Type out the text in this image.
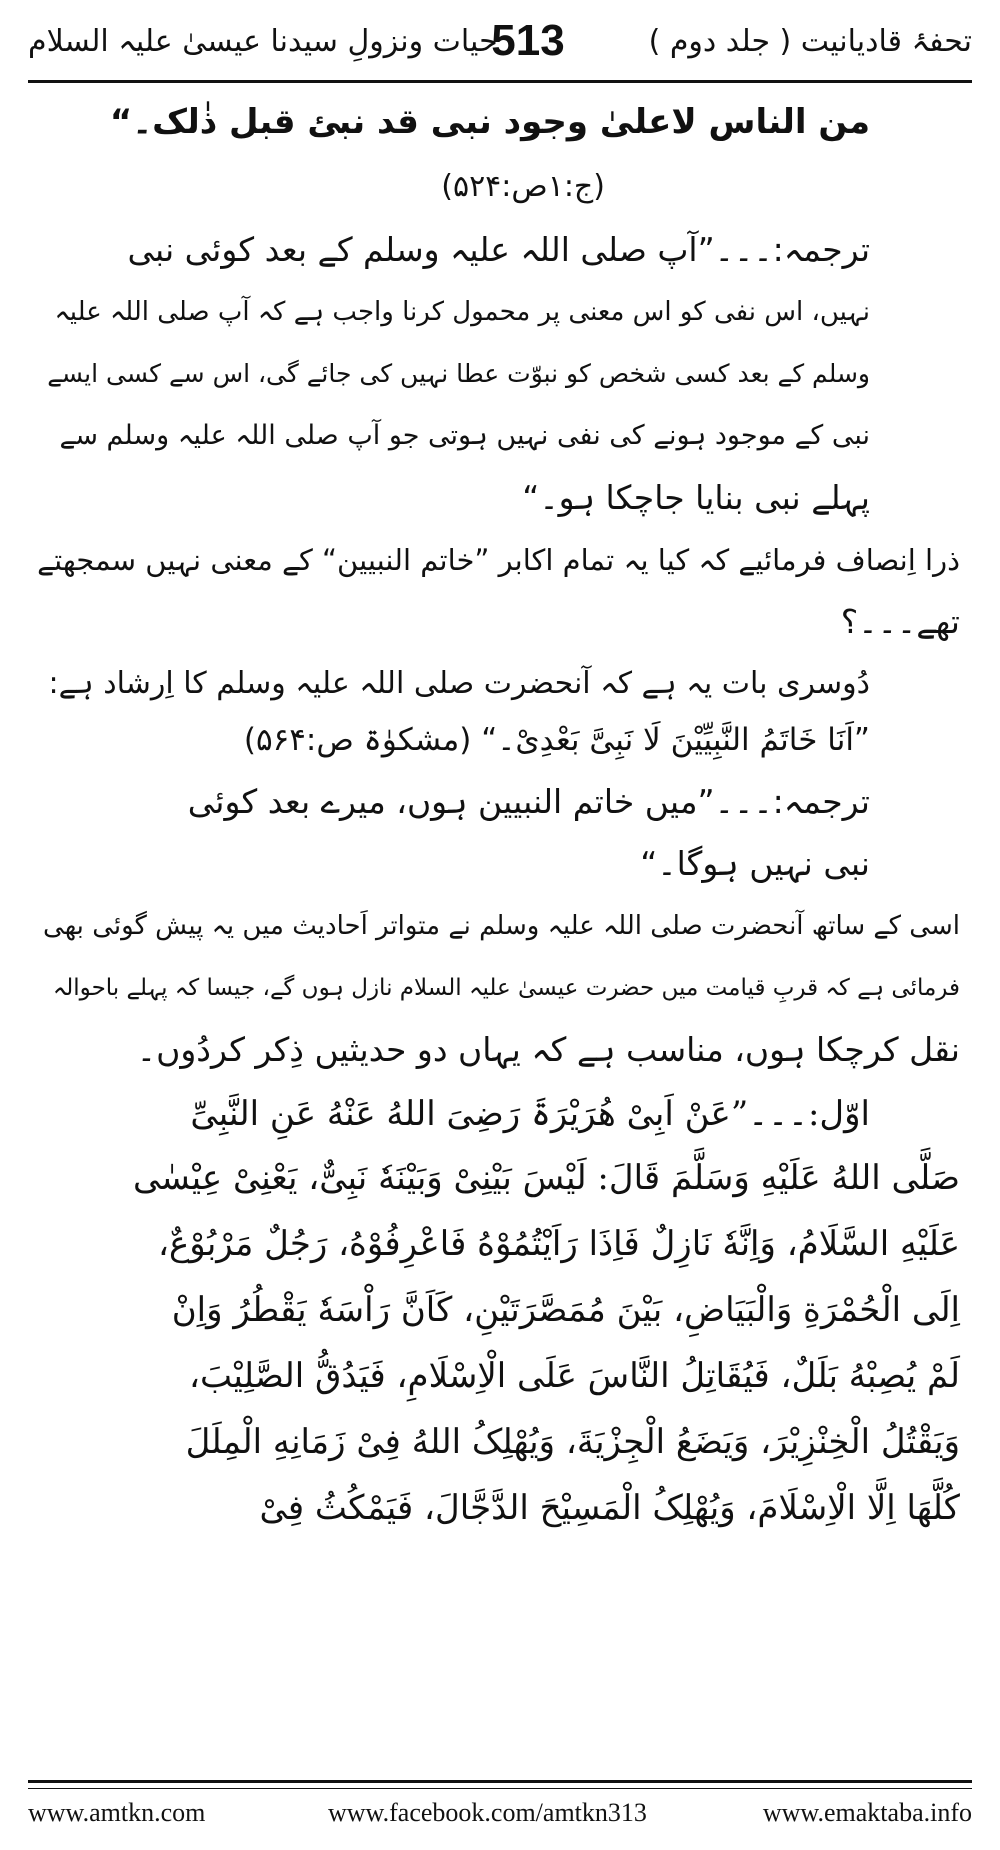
حیات ونزولِ سیدنا عیسیٰ علیہ السلام
513	تحفۂ قادیانیت ( جلد دوم )
من الناس لاعلیٰ وجود نبی قد نبئ قبل ذٰلک۔“
(ج:۱ص:۵۲۴)
ترجمہ:۔۔۔”آپ صلی اللہ علیہ وسلم کے بعد کوئی نبی
نہیں، اس نفی کو اس معنی پر محمول کرنا واجب ہے کہ آپ صلی اللہ علیہ
وسلم کے بعد کسی شخص کو نبوّت عطا نہیں کی جائے گی، اس سے کسی ایسے
نبی کے موجود ہونے کی نفی نہیں ہوتی جو آپ صلی اللہ علیہ وسلم سے
پہلے نبی بنایا جاچکا ہو۔“
ذرا اِنصاف فرمائیے کہ کیا یہ تمام اکابر ”خاتم النبیین“ کے معنی نہیں سمجھتے
تھے۔۔۔؟
دُوسری بات یہ ہے کہ آنحضرت صلی اللہ علیہ وسلم کا اِرشاد ہے:
”اَنَا خَاتَمُ النَّبِیِّیْنَ لَا نَبِیَّ بَعْدِیْ۔“ (مشکوٰۃ ص:۵۶۴)
ترجمہ:۔۔۔”میں خاتم النبیین ہوں، میرے بعد کوئی
نبی نہیں ہوگا۔“
اسی کے ساتھ آنحضرت صلی اللہ علیہ وسلم نے متواتر اَحادیث میں یہ پیش گوئی بھی
فرمائی ہے کہ قربِ قیامت میں حضرت عیسیٰ علیہ السلام نازل ہوں گے، جیسا کہ پہلے باحوالہ
نقل کرچکا ہوں، مناسب ہے کہ یہاں دو حدیثیں ذِکر کردُوں۔
اوّل:۔۔۔”عَنْ اَبِیْ ھُرَیْرَۃَ رَضِیَ اللهُ عَنْهُ عَنِ النَّبِیِّ
صَلَّی اللهُ عَلَیْهِ وَسَلَّمَ قَالَ: لَیْسَ بَیْنِیْ وَبَیْنَهٗ نَبِیٌّ، یَعْنِیْ عِیْسٰی
عَلَیْهِ السَّلَامُ، وَاِنَّهٗ نَازِلٌ فَاِذَا رَاَیْتُمُوْهُ فَاعْرِفُوْهُ، رَجُلٌ مَرْبُوْعٌ،
اِلَی الْحُمْرَةِ وَالْبَیَاضِ، بَیْنَ مُمَصَّرَتَیْنِ، کَاَنَّ رَاْسَهٗ یَقْطُرُ وَاِنْ
لَمْ یُصِبْهُ بَلَلٌ، فَیُقَاتِلُ النَّاسَ عَلَی الْاِسْلَامِ، فَیَدُقُّ الصَّلِیْبَ،
وَیَقْتُلُ الْخِنْزِیْرَ، وَیَضَعُ الْجِزْیَةَ، وَیُهْلِکُ اللهُ فِیْ زَمَانِهِ الْمِلَلَ
کُلَّهَا اِلَّا الْاِسْلَامَ، وَیُهْلِکُ الْمَسِیْحَ الدَّجَّالَ، فَیَمْکُثُ فِیْ
www.amtkn.com	www.facebook.com/amtkn313	www.emaktaba.info
